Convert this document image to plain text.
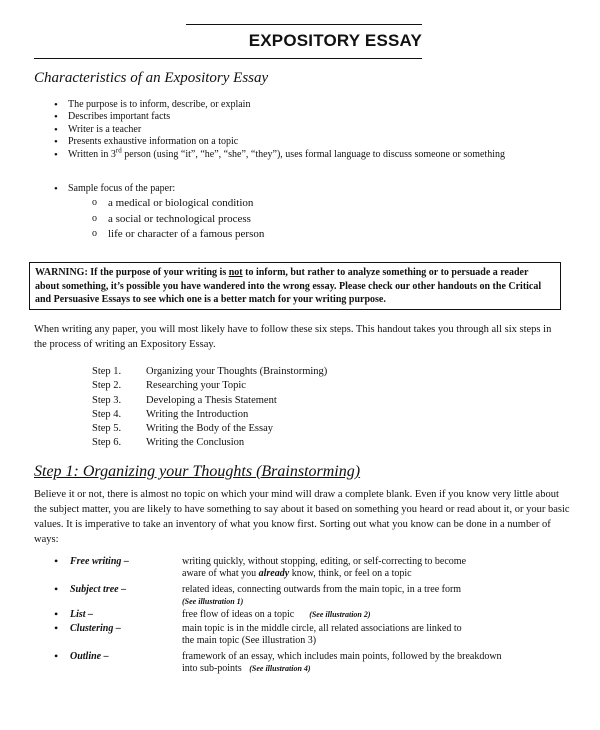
EXPOSITORY ESSAY
Characteristics of an Expository Essay
• The purpose is to inform, describe, or explain
• Describes important facts
• Writer is a teacher
• Presents exhaustive information on a topic
• Written in 3rd person (using “it”, “he”, “she”, “they”), uses formal language to discuss someone or something
• Sample focus of the paper:
o a medical or biological condition
o a social or technological process
o life or character of a famous person
WARNING: If the purpose of your writing is not to inform, but rather to analyze something or to persuade a reader about something, it’s possible you have wandered into the wrong essay. Please check our other handouts on the Critical and Persuasive Essays to see which one is a better match for your writing purpose.
When writing any paper, you will most likely have to follow these six steps. This handout takes you through all six steps in the process of writing an Expository Essay.
Step 1.	Organizing your Thoughts (Brainstorming)
Step 2.	Researching your Topic
Step 3.	Developing a Thesis Statement
Step 4.	Writing the Introduction
Step 5.	Writing the Body of the Essay
Step 6.	Writing the Conclusion
Step 1: Organizing your Thoughts (Brainstorming)
Believe it or not, there is almost no topic on which your mind will draw a complete blank. Even if you know very little about the subject matter, you are likely to have something to say about it based on something you heard or read about it, or your basic values. It is imperative to take an inventory of what you know first. Sorting out what you know can be done in a number of ways:
• Free writing –	writing quickly, without stopping, editing, or self-correcting to become
aware of what you already know, think, or feel on a topic
• Subject tree –	related ideas, connecting outwards from the main topic, in a tree form
(See illustration 1)
• List –	free flow of ideas on a topic (See illustration 2)
• Clustering –	main topic is in the middle circle, all related associations are linked to
the main topic (See illustration 3)
• Outline –	framework of an essay, which includes main points, followed by the breakdown
into sub-points (See illustration 4)
